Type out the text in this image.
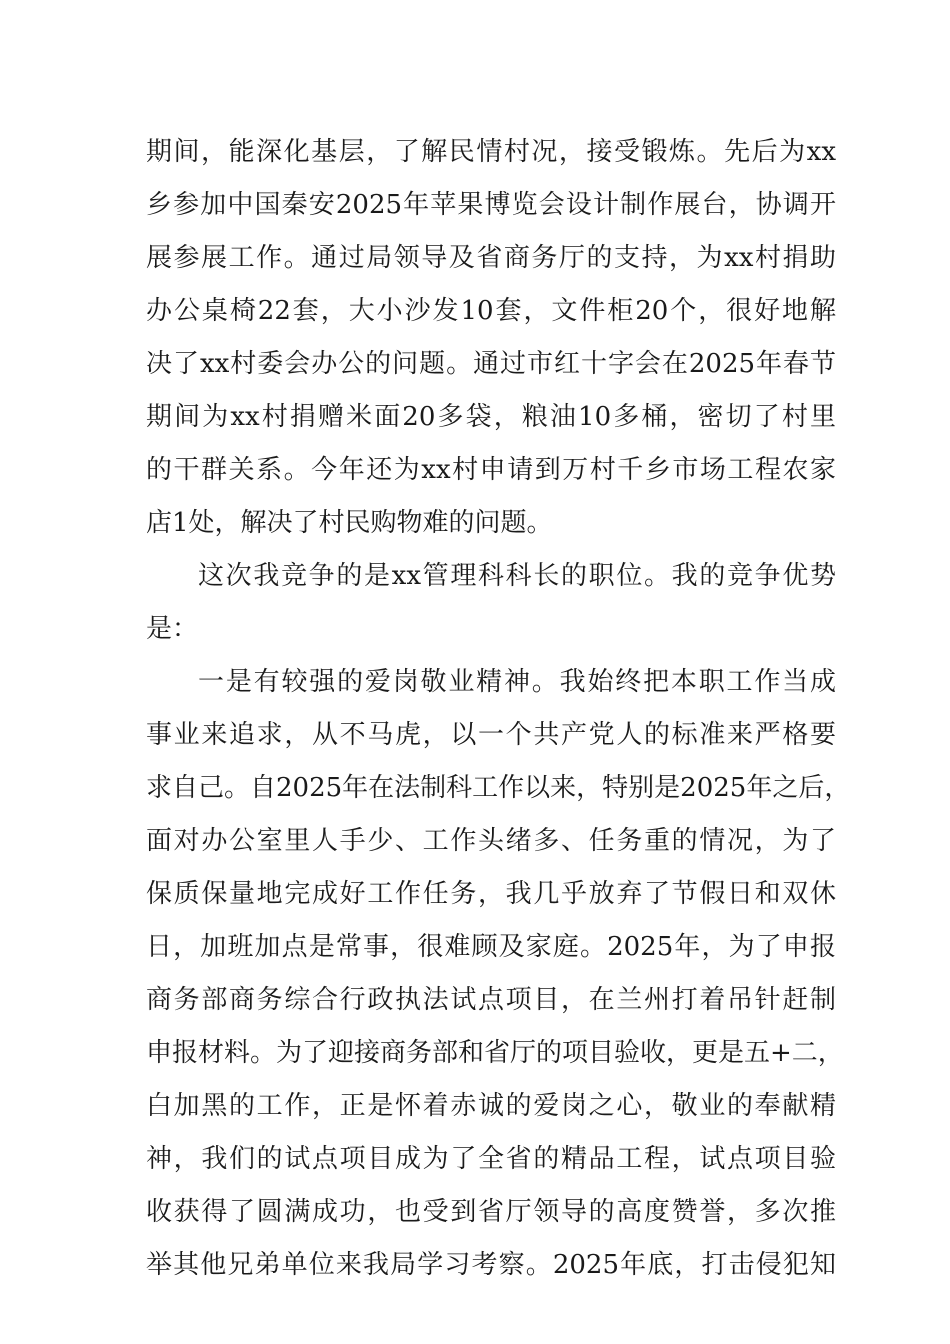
期间，能深化基层，了解民情村况，接受锻炼。先后为xx
乡参加中国秦安2025年苹果博览会设计制作展台，协调开
展参展工作。通过局领导及省商务厅的支持，为xx村捐助
办公桌椅22套，大小沙发10套，文件柜20个，很好地解
决了xx村委会办公的问题。通过市红十字会在2025年春节
期间为xx村捐赠米面20多袋，粮油10多桶，密切了村里
的干群关系。今年还为xx村申请到万村千乡市场工程农家
店1处，解决了村民购物难的问题。
这次我竞争的是xx管理科科长的职位。我的竞争优势
是：
一是有较强的爱岗敬业精神。我始终把本职工作当成
事业来追求，从不马虎，以一个共产党人的标准来严格要
求自己。自2025年在法制科工作以来，特别是2025年之后，
面对办公室里人手少、工作头绪多、任务重的情况，为了
保质保量地完成好工作任务，我几乎放弃了节假日和双休
日，加班加点是常事，很难顾及家庭。2025年，为了申报
商务部商务综合行政执法试点项目，在兰州打着吊针赶制
申报材料。为了迎接商务部和省厅的项目验收，更是五+二，
白加黑的工作，正是怀着赤诚的爱岗之心，敬业的奉献精
神，我们的试点项目成为了全省的精品工程，试点项目验
收获得了圆满成功，也受到省厅领导的高度赞誉，多次推
举其他兄弟单位来我局学习考察。2025年底，打击侵犯知
